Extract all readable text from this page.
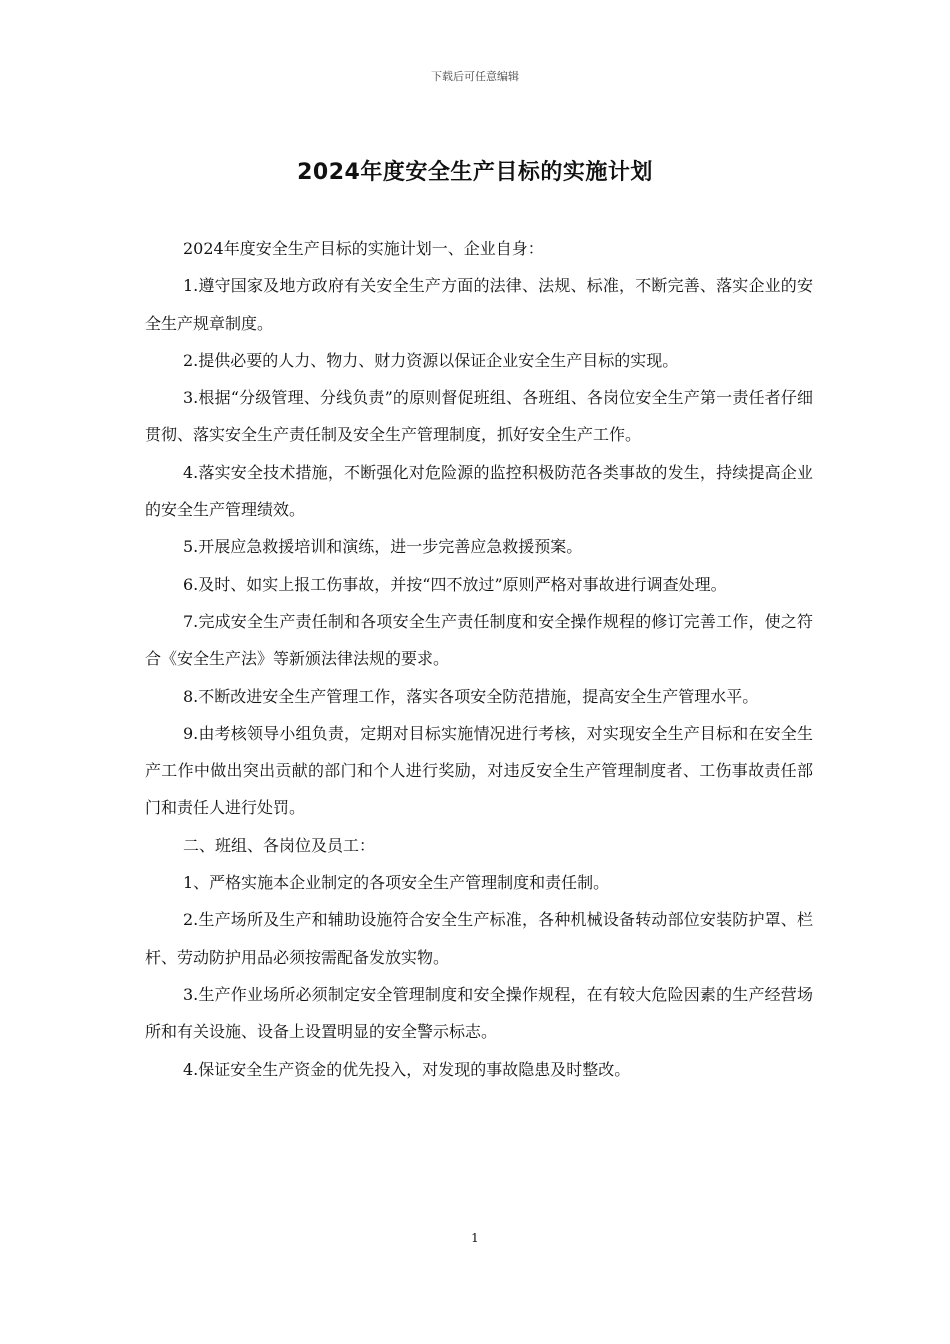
下载后可任意编辑
2024年度安全生产目标的实施计划

2024年度安全生产目标的实施计划一、企业自身：

1.遵守国家及地方政府有关安全生产方面的法律、法规、标准，不断完善、落实企业的安全生产规章制度。

2.提供必要的人力、物力、财力资源以保证企业安全生产目标的实现。

3.根据“分级管理、分线负责”的原则督促班组、各班组、各岗位安全生产第一责任者仔细贯彻、落实安全生产责任制及安全生产管理制度，抓好安全生产工作。

4.落实安全技术措施，不断强化对危险源的监控积极防范各类事故的发生，持续提高企业的安全生产管理绩效。

5.开展应急救援培训和演练，进一步完善应急救援预案。

6.及时、如实上报工伤事故，并按“四不放过”原则严格对事故进行调查处理。

7.完成安全生产责任制和各项安全生产责任制度和安全操作规程的修订完善工作，使之符合《安全生产法》等新颁法律法规的要求。

8.不断改进安全生产管理工作，落实各项安全防范措施，提高安全生产管理水平。

9.由考核领导小组负责，定期对目标实施情况进行考核，对实现安全生产目标和在安全生产工作中做出突出贡献的部门和个人进行奖励，对违反安全生产管理制度者、工伤事故责任部门和责任人进行处罚。

二、班组、各岗位及员工：

1、严格实施本企业制定的各项安全生产管理制度和责任制。

2.生产场所及生产和辅助设施符合安全生产标准，各种机械设备转动部位安装防护罩、栏杆、劳动防护用品必须按需配备发放实物。

3.生产作业场所必须制定安全管理制度和安全操作规程，在有较大危险因素的生产经营场所和有关设施、设备上设置明显的安全警示标志。

4.保证安全生产资金的优先投入，对发现的事故隐患及时整改。

1
